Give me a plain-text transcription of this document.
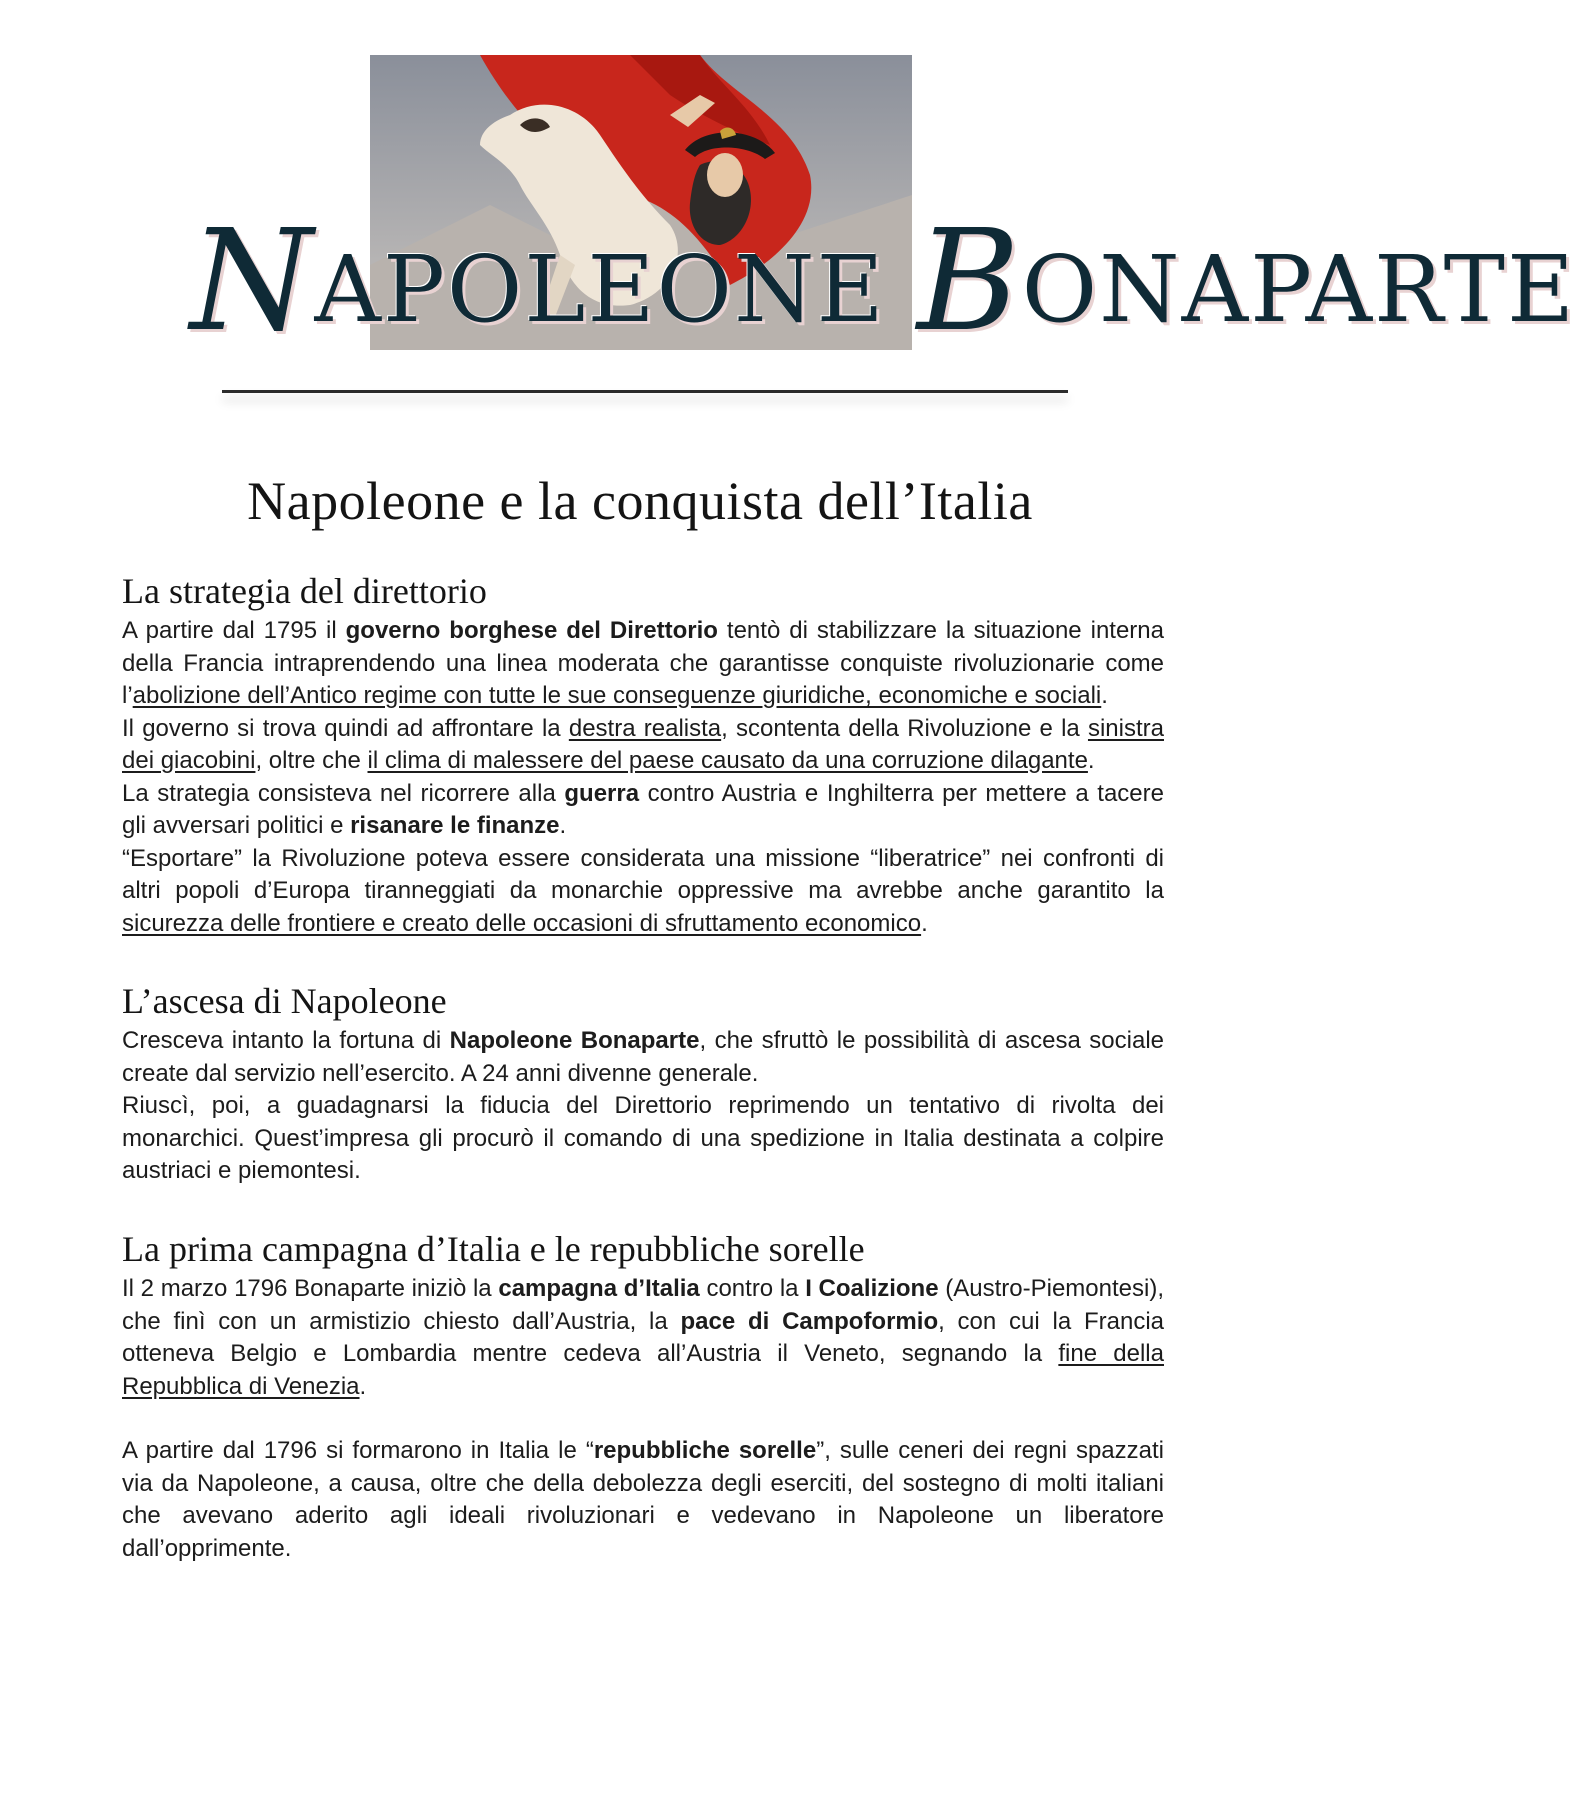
NAPOLEONE BONAPARTE
Napoleone e la conquista dell’Italia
La strategia del direttorio

A partire dal 1795 il governo borghese del Direttorio tentò di stabilizzare la situazione interna della Francia intraprendendo una linea moderata che garantisse conquiste rivoluzionarie come l’abolizione dell’Antico regime con tutte le sue conseguenze giuridiche, economiche e sociali.

Il governo si trova quindi ad affrontare la destra realista, scontenta della Rivoluzione e la sinistra dei giacobini, oltre che il clima di malessere del paese causato da una corruzione dilagante.

La strategia consisteva nel ricorrere alla guerra contro Austria e Inghilterra per mettere a tacere gli avversari politici e risanare le finanze.

“Esportare” la Rivoluzione poteva essere considerata una missione “liberatrice” nei confronti di altri popoli d’Europa tiranneggiati da monarchie oppressive ma avrebbe anche garantito la sicurezza delle frontiere e creato delle occasioni di sfruttamento economico.

L’ascesa di Napoleone

Cresceva intanto la fortuna di Napoleone Bonaparte, che sfruttò le possibilità di ascesa sociale create dal servizio nell’esercito. A 24 anni divenne generale.

Riuscì, poi, a guadagnarsi la fiducia del Direttorio reprimendo un tentativo di rivolta dei monarchici. Quest’impresa gli procurò il comando di una spedizione in Italia destinata a colpire austriaci e piemontesi.

La prima campagna d’Italia e le repubbliche sorelle

Il 2 marzo 1796 Bonaparte iniziò la campagna d’Italia contro la I Coalizione (Austro-Piemontesi), che finì con un armistizio chiesto dall’Austria, la pace di Campoformio, con cui la Francia otteneva Belgio e Lombardia mentre cedeva all’Austria il Veneto, segnando la fine della Repubblica di Venezia.

A partire dal 1796 si formarono in Italia le “repubbliche sorelle”, sulle ceneri dei regni spazzati via da Napoleone, a causa, oltre che della debolezza degli eserciti, del sostegno di molti italiani che avevano aderito agli ideali rivoluzionari e vedevano in Napoleone un liberatore dall’opprimente.
